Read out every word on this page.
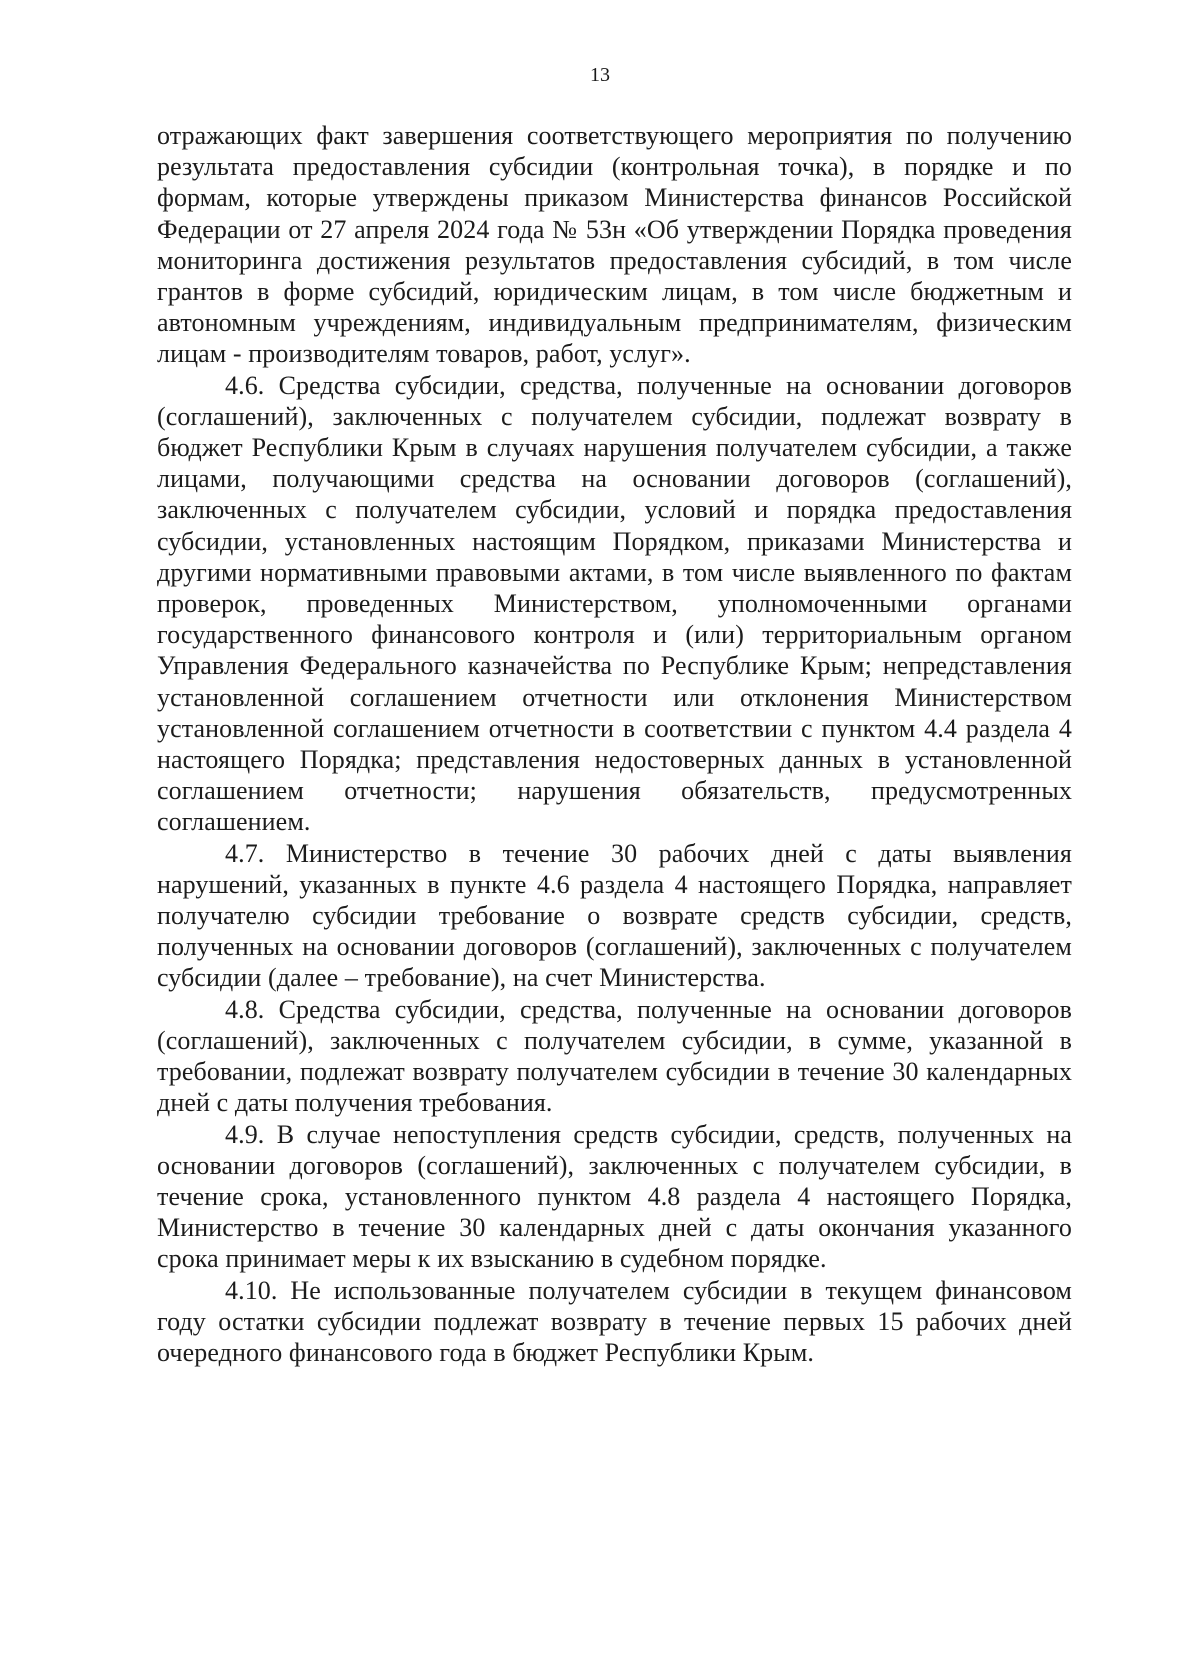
13

отражающих факт завершения соответствующего мероприятия по получению результата предоставления субсидии (контрольная точка), в порядке и по формам, которые утверждены приказом Министерства финансов Российской Федерации от 27 апреля 2024 года № 53н «Об утверждении Порядка проведения мониторинга достижения результатов предоставления субсидий, в том числе грантов в форме субсидий, юридическим лицам, в том числе бюджетным и автономным учреждениям, индивидуальным предпринимателям, физическим лицам - производителям товаров, работ, услуг».

4.6. Средства субсидии, средства, полученные на основании договоров (соглашений), заключенных с получателем субсидии, подлежат возврату в бюджет Республики Крым в случаях нарушения получателем субсидии, а также лицами, получающими средства на основании договоров (соглашений), заключенных с получателем субсидии, условий и порядка предоставления субсидии, установленных настоящим Порядком, приказами Министерства и другими нормативными правовыми актами, в том числе выявленного по фактам проверок, проведенных Министерством, уполномоченными органами государственного финансового контроля и (или) территориальным органом Управления Федерального казначейства по Республике Крым; непредставления установленной соглашением отчетности или отклонения Министерством установленной соглашением отчетности в соответствии с пунктом 4.4 раздела 4 настоящего Порядка; представления недостоверных данных в установленной соглашением отчетности; нарушения обязательств, предусмотренных соглашением.

4.7. Министерство в течение 30 рабочих дней с даты выявления нарушений, указанных в пункте 4.6 раздела 4 настоящего Порядка, направляет получателю субсидии требование о возврате средств субсидии, средств, полученных на основании договоров (соглашений), заключенных с получателем субсидии (далее – требование), на счет Министерства.

4.8. Средства субсидии, средства, полученные на основании договоров (соглашений), заключенных с получателем субсидии, в сумме, указанной в требовании, подлежат возврату получателем субсидии в течение 30 календарных дней с даты получения требования.

4.9. В случае непоступления средств субсидии, средств, полученных на основании договоров (соглашений), заключенных с получателем субсидии, в течение срока, установленного пунктом 4.8 раздела 4 настоящего Порядка, Министерство в течение 30 календарных дней с даты окончания указанного срока принимает меры к их взысканию в судебном порядке.

4.10. Не использованные получателем субсидии в текущем финансовом году остатки субсидии подлежат возврату в течение первых 15 рабочих дней очередного финансового года в бюджет Республики Крым.
